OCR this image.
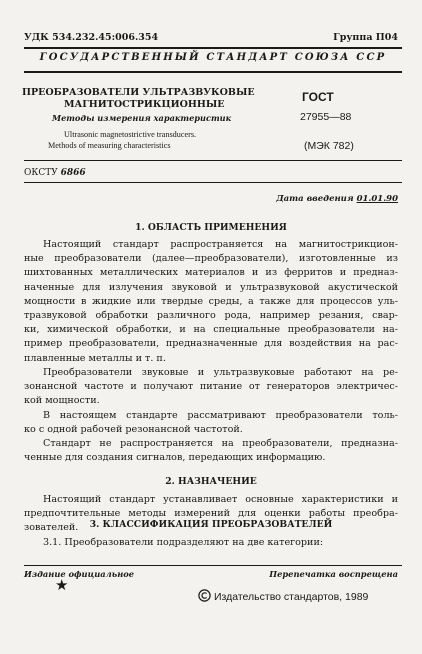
УДК 534.232.45:006.354	Группа П04
ГОСУДАРСТВЕННЫЙ СТАНДАРТ СОЮЗА ССР
ПРЕОБРАЗОВАТЕЛИ УЛЬТРАЗВУКОВЫЕ
МАГНИТОСТРИКЦИОННЫЕ
Методы измерения характеристик
Ultrasonic magnetostrictive transducers.
Methods of measuring characteristics
ГОСТ
27955—88
(МЭК 782)
ОКСТУ 6866
Дата введения 01.01.90
1. ОБЛАСТЬ ПРИМЕНЕНИЯ
Настоящий стандарт распространяется на магнитострикцион-
ные преобразователи (далее—преобразователи), изготовленные из
шихтованных металлических материалов и из ферритов и предназ-
наченные для излучения звуковой и ультразвуковой акустической
мощности в жидкие или твердые среды, а также для процессов уль-
тразвуковой обработки различного рода, например резания, свар-
ки, химической обработки, и на специальные преобразователи на-
пример преобразователи, предназначенные для воздействия на рас-
плавленные металлы и т. п.
Преобразователи звуковые и ультразвуковые работают на ре-
зонансной частоте и получают питание от генераторов электричес-
кой мощности.
В настоящем стандарте рассматривают преобразователи толь-
ко с одной рабочей резонансной частотой.
Стандарт не распространяется на преобразователи, предназна-
ченные для создания сигналов, передающих информацию.
2. НАЗНАЧЕНИЕ
Настоящий стандарт устанавливает основные характеристики и
предпочтительные методы измерений для оценки работы преобра-
зователей.	3. КЛАССИФИКАЦИЯ ПРЕОБРАЗОВАТЕЛЕЙ
3.1. Преобразователи подразделяют на две категории:
Издание официальное	Перепечатка воспрещена
★
Издательство стандартов, 1989
